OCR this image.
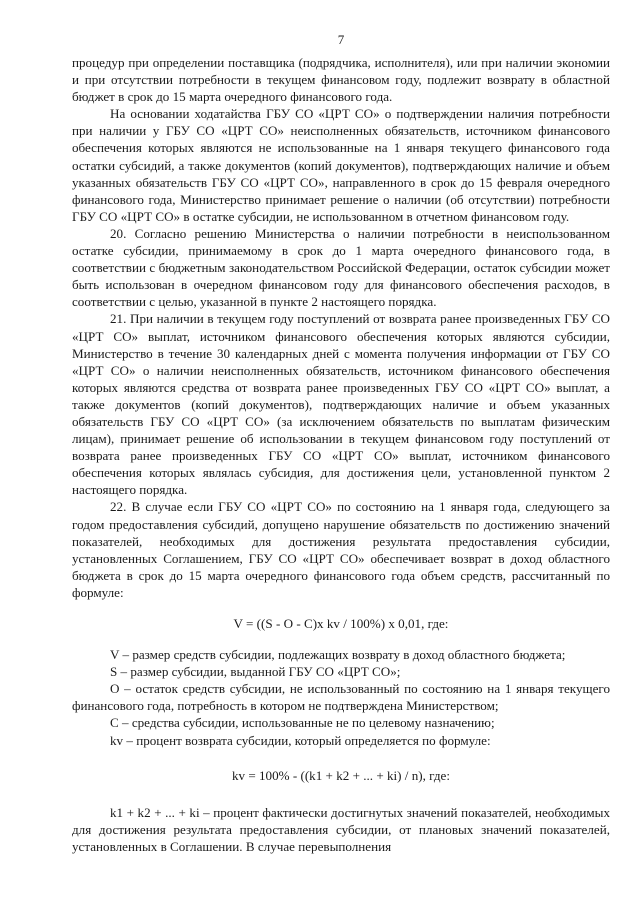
7

процедур при определении поставщика (подрядчика, исполнителя), или при наличии экономии и при отсутствии потребности в текущем финансовом году, подлежит возврату в областной бюджет в срок до 15 марта очередного финансового года.

На основании ходатайства ГБУ СО «ЦРТ СО» о подтверждении наличия потребности при наличии у ГБУ СО «ЦРТ СО» неисполненных обязательств, источником финансового обеспечения которых являются не использованные на 1 января текущего финансового года остатки субсидий, а также документов (копий документов), подтверждающих наличие и объем указанных обязательств ГБУ СО «ЦРТ СО», направленного в срок до 15 февраля очередного финансового года, Министерство принимает решение о наличии (об отсутствии) потребности ГБУ СО «ЦРТ СО» в остатке субсидии, не использованном в отчетном финансовом году.

20. Согласно решению Министерства о наличии потребности в неиспользованном остатке субсидии, принимаемому в срок до 1 марта очередного финансового года, в соответствии с бюджетным законодательством Российской Федерации, остаток субсидии может быть использован в очередном финансовом году для финансового обеспечения расходов, в соответствии с целью, указанной в пункте 2 настоящего порядка.

21. При наличии в текущем году поступлений от возврата ранее произведенных ГБУ СО «ЦРТ СО» выплат, источником финансового обеспечения которых являются субсидии, Министерство в течение 30 календарных дней с момента получения информации от ГБУ СО «ЦРТ СО» о наличии неисполненных обязательств, источником финансового обеспечения которых являются средства от возврата ранее произведенных ГБУ СО «ЦРТ СО» выплат, а также документов (копий документов), подтверждающих наличие и объем указанных обязательств ГБУ СО «ЦРТ СО» (за исключением обязательств по выплатам физическим лицам), принимает решение об использовании в текущем финансовом году поступлений от возврата ранее произведенных ГБУ СО «ЦРТ СО» выплат, источником финансового обеспечения которых являлась субсидия, для достижения цели, установленной пунктом 2 настоящего порядка.

22. В случае если ГБУ СО «ЦРТ СО» по состоянию на 1 января года, следующего за годом предоставления субсидий, допущено нарушение обязательств по достижению значений показателей, необходимых для достижения результата предоставления субсидии, установленных Соглашением, ГБУ СО «ЦРТ СО» обеспечивает возврат в доход областного бюджета в срок до 15 марта очередного финансового года объем средств, рассчитанный по формуле:

V = ((S - O - C)x kv / 100%) x 0,01, где:

V – размер средств субсидии, подлежащих возврату в доход областного бюджета;

S – размер субсидии, выданной ГБУ СО «ЦРТ СО»;

О – остаток средств субсидии, не использованный по состоянию на 1 января текущего финансового года, потребность в котором не подтверждена Министерством;

С – средства субсидии, использованные не по целевому назначению;

kv – процент возврата субсидии, который определяется по формуле:

kv = 100% - ((k1 + k2 + ... + ki) / n), где:

k1 + k2 + ... + ki – процент фактически достигнутых значений показателей, необходимых для достижения результата предоставления субсидии, от плановых значений показателей, установленных в Соглашении. В случае перевыполнения
